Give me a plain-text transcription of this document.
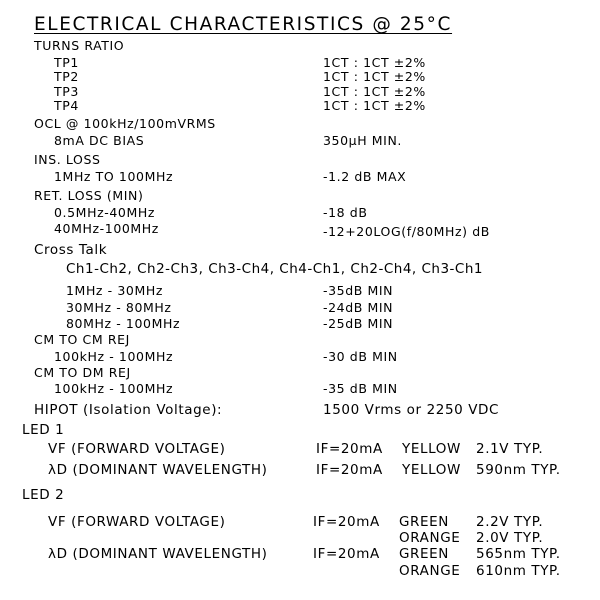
ELECTRICAL CHARACTERISTICS @ 25°C
TURNS RATIO
TP1	1CT : 1CT ±2%
TP2	1CT : 1CT ±2%
TP3	1CT : 1CT ±2%
TP4	1CT : 1CT ±2%
OCL @ 100kHz/100mVRMS
8mA DC BIAS	350μH MIN.
INS. LOSS
1MHz TO 100MHz	-1.2 dB MAX
RET. LOSS (MIN)
0.5MHz-40MHz	-18 dB
40MHz-100MHz	-12+20LOG(f/80MHz) dB
Cross Talk
Ch1-Ch2, Ch2-Ch3, Ch3-Ch4, Ch4-Ch1, Ch2-Ch4, Ch3-Ch1
1MHz - 30MHz	-35dB MIN
30MHz - 80MHz	-24dB MIN
80MHz - 100MHz	-25dB MIN
CM TO CM REJ
100kHz - 100MHz	-30 dB MIN
CM TO DM REJ
100kHz - 100MHz	-35 dB MIN
HIPOT (Isolation Voltage):	1500 Vrms or 2250 VDC
LED 1
VF (FORWARD VOLTAGE)	IF=20mA YELLOW 2.1V TYP.
λD (DOMINANT WAVELENGTH)	IF=20mA YELLOW 590nm TYP.
LED 2
VF (FORWARD VOLTAGE)	IF=20mA GREEN 2.2V TYP.
ORANGE 2.0V TYP.
λD (DOMINANT WAVELENGTH)	IF=20mA GREEN 565nm TYP.
ORANGE 610nm TYP.
